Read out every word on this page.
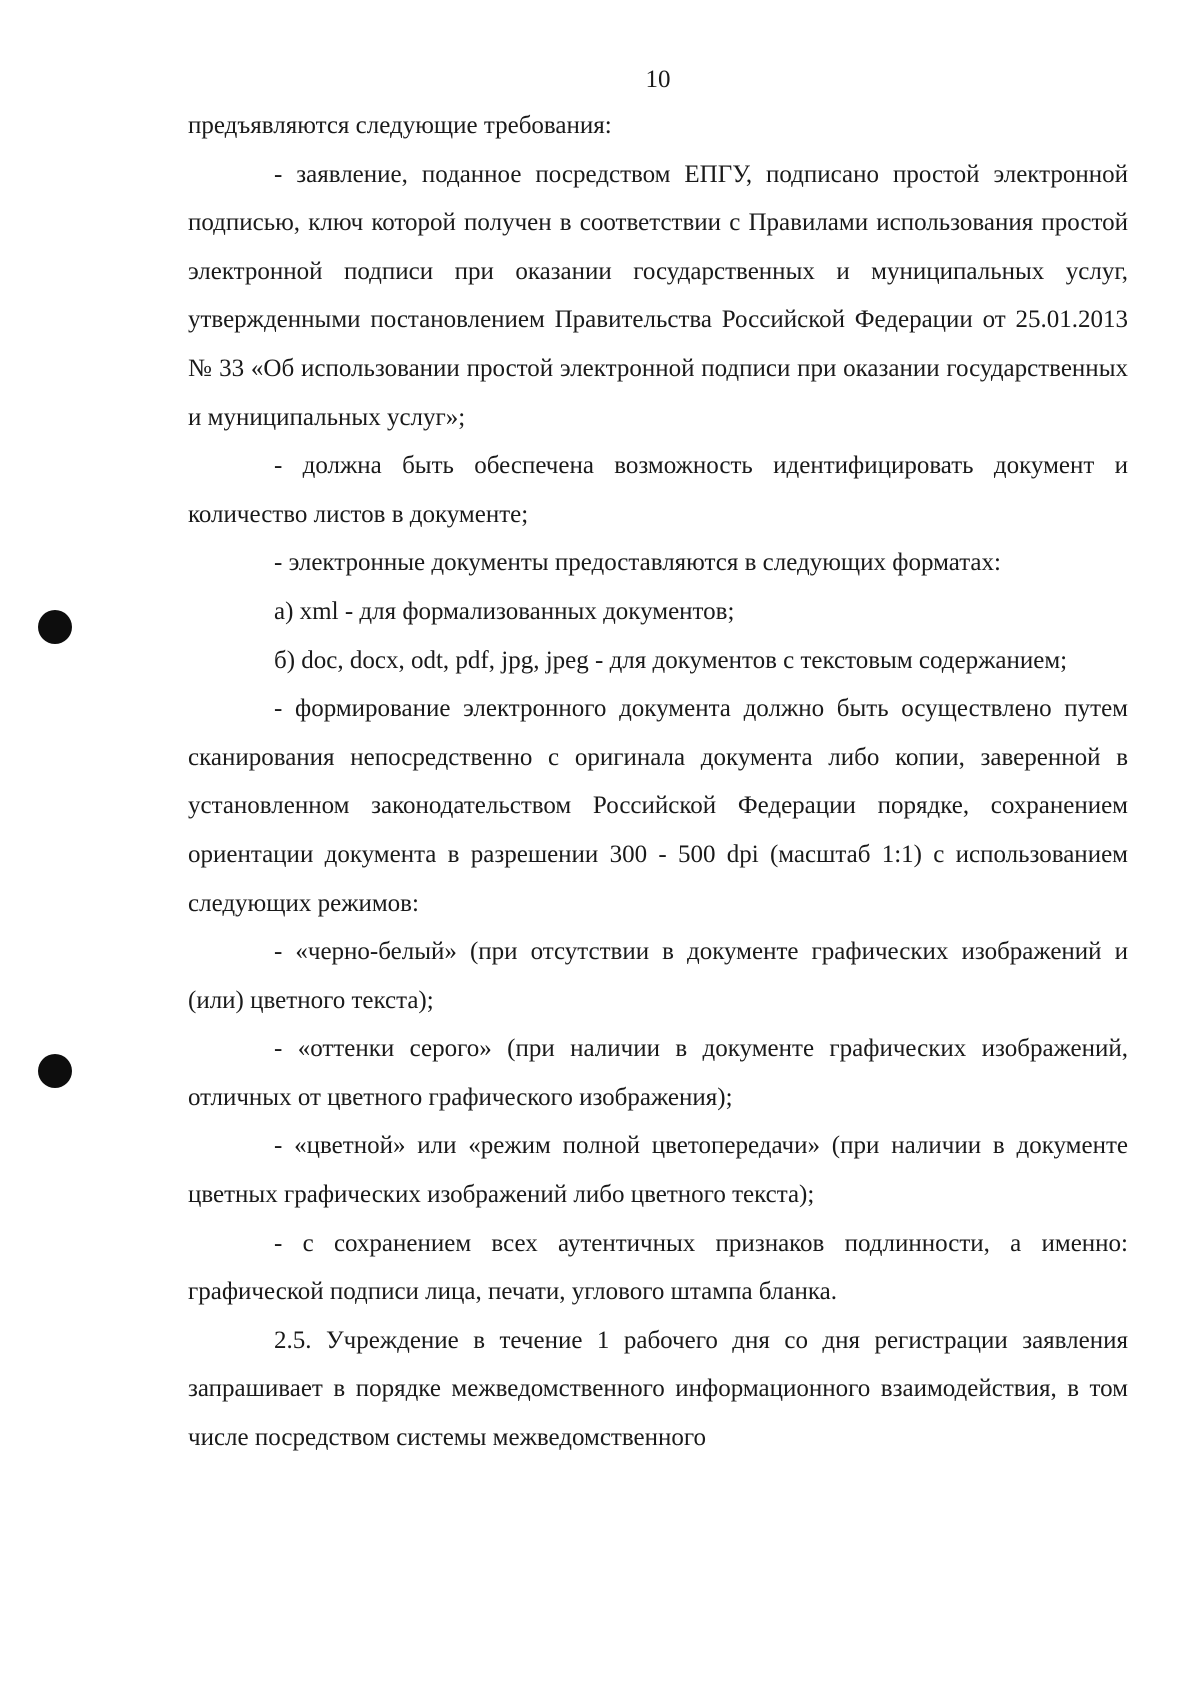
10

предъявляются следующие требования:

- заявление, поданное посредством ЕПГУ, подписано простой электронной подписью, ключ которой получен в соответствии с Правилами использования простой электронной подписи при оказании государственных и муниципальных услуг, утвержденными постановлением Правительства Российской Федерации от 25.01.2013 № 33 «Об использовании простой электронной подписи при оказании государственных и муниципальных услуг»;

- должна быть обеспечена возможность идентифицировать документ и количество листов в документе;

- электронные документы предоставляются в следующих форматах:

а) xml - для формализованных документов;

б) doc, docx, odt, pdf, jpg, jpeg - для документов с текстовым содержанием;

- формирование электронного документа должно быть осуществлено путем сканирования непосредственно с оригинала документа либо копии, заверенной в установленном законодательством Российской Федерации порядке, сохранением ориентации документа в разрешении 300 - 500 dpi (масштаб 1:1) с использованием следующих режимов:

- «черно-белый» (при отсутствии в документе графических изображений и (или) цветного текста);

- «оттенки серого» (при наличии в документе графических изображений, отличных от цветного графического изображения);

- «цветной» или «режим полной цветопередачи» (при наличии в документе цветных графических изображений либо цветного текста);

- с сохранением всех аутентичных признаков подлинности, а именно: графической подписи лица, печати, углового штампа бланка.

2.5. Учреждение в течение 1 рабочего дня со дня регистрации заявления запрашивает в порядке межведомственного информационного взаимодействия, в том числе посредством системы межведомственного
